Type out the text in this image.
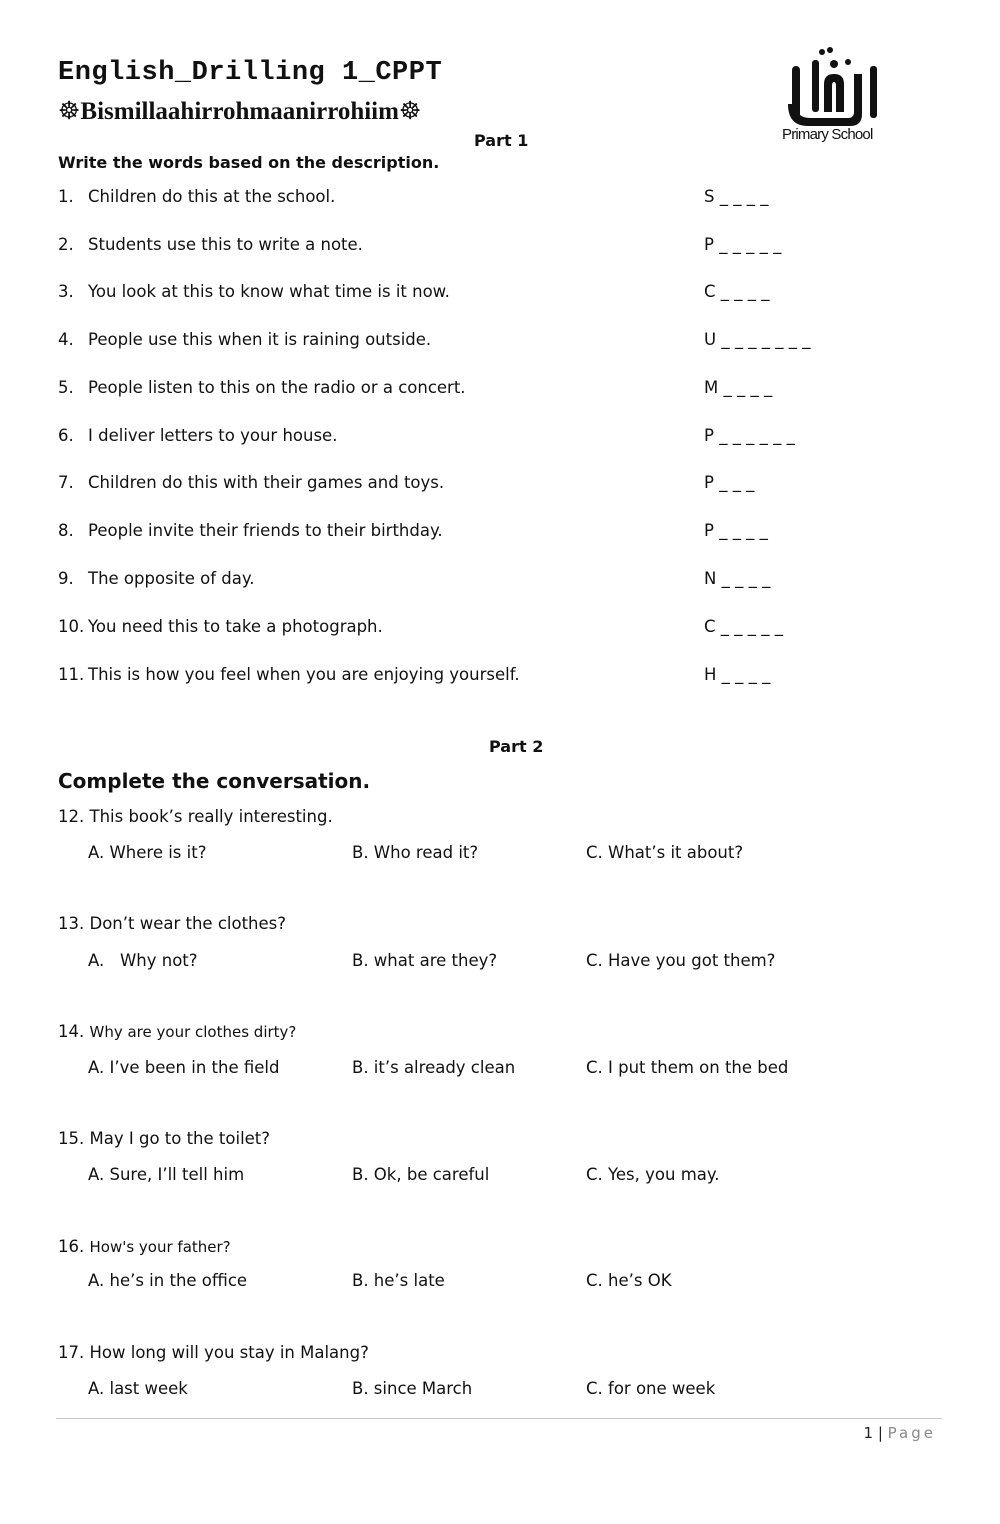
English_Drilling 1_CPPT
☸Bismillaahirrohmaanirrohiim☸
Primary School
Part 1
Write the words based on the description.
1. Children do this at the school.	S _ _ _ _
2. Students use this to write a note.	P _ _ _ _ _
3. You look at this to know what time is it now.	C _ _ _ _
4. People use this when it is raining outside.	U _ _ _ _ _ _ _
5. People listen to this on the radio or a concert.	M _ _ _ _
6. I deliver letters to your house.	P _ _ _ _ _ _
7. Children do this with their games and toys.	P _ _ _
8. People invite their friends to their birthday.	P _ _ _ _
9. The opposite of day.	N _ _ _ _
10. You need this to take a photograph.	C _ _ _ _ _
11. This is how you feel when you are enjoying yourself.	H _ _ _ _
Part 2
Complete the conversation.
12. This book’s really interesting.
A. Where is it?	B. Who read it?	C. What’s it about?
13. Don’t wear the clothes?
A.   Why not?	B. what are they?	C. Have you got them?
14. Why are your clothes dirty?
A. I’ve been in the field	B. it’s already clean	C. I put them on the bed
15. May I go to the toilet?
A. Sure, I’ll tell him	B. Ok, be careful	C. Yes, you may.
16. How's your father?
A. he’s in the office	B. he’s late	C. he’s OK
17. How long will you stay in Malang?
A. last week	B. since March	C. for one week
1 | Page
